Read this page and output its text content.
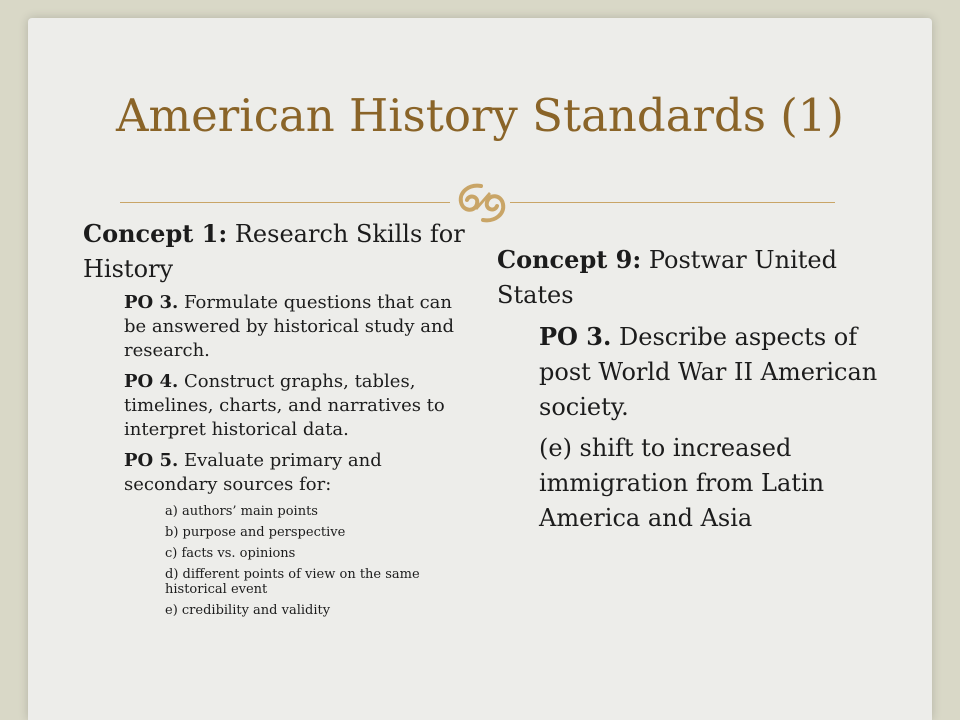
American History Standards (1)

Concept 1: Research Skills for History

PO 3. Formulate questions that can be answered by historical study and research.

PO 4. Construct graphs, tables, timelines, charts, and narratives to interpret historical data.

PO 5. Evaluate primary and secondary sources for:

a) authors’ main points

b) purpose and perspective

c) facts vs. opinions

d) different points of view on the same historical event

e) credibility and validity

Concept 9: Postwar United States

PO 3. Describe aspects of post World War II American society.

(e) shift to increased immigration from Latin America and Asia
